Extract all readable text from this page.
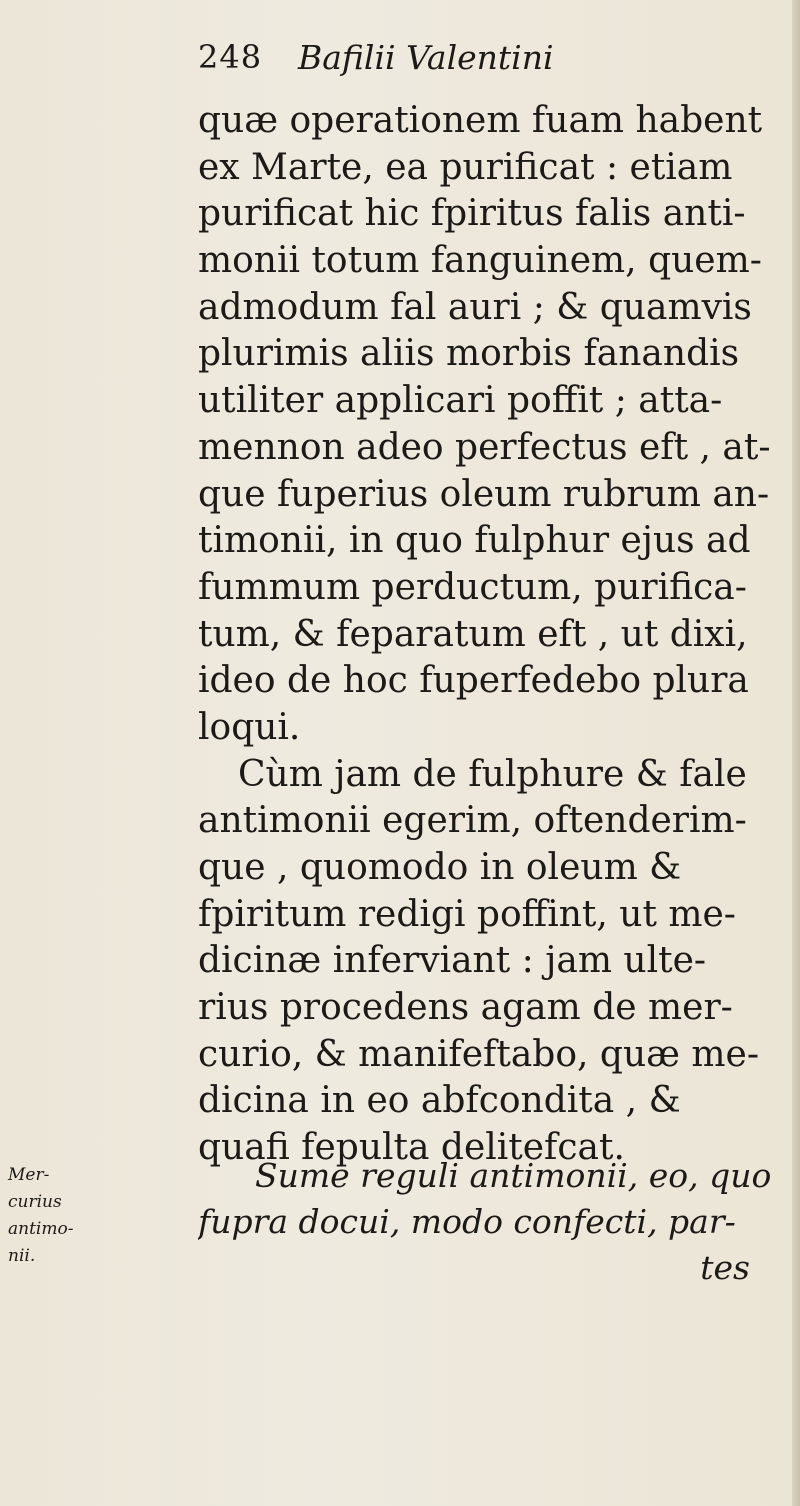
248 Bafilii Valentini
quæ operationem fuam habent
ex Marte, ea purificat : etiam
purificat hic fpiritus falis anti-
monii totum fanguinem, quem-
admodum fal auri ; & quamvis
plurimis aliis morbis fanandis
utiliter applicari poffit ; atta-
mennon adeo perfectus eft , at-
que fuperius oleum rubrum an-
timonii, in quo fulphur ejus ad
fummum perductum, purifica-
tum, & feparatum eft , ut dixi,
ideo de hoc fuperfedebo plura
loqui.
Cùm jam de fulphure & fale
antimonii egerim, oftenderim-
que , quomodo in oleum &
fpiritum redigi poffint, ut me-
dicinæ inferviant : jam ulte-
rius procedens agam de mer-
curio, & manifeftabo, quæ me-
dicina in eo abfcondita , &
quafi fepulta delitefcat.
Sume reguli antimonii, eo, quo
fupra docui, modo confecti, par-
tes
Mer-
curius
antimo-
nii.
